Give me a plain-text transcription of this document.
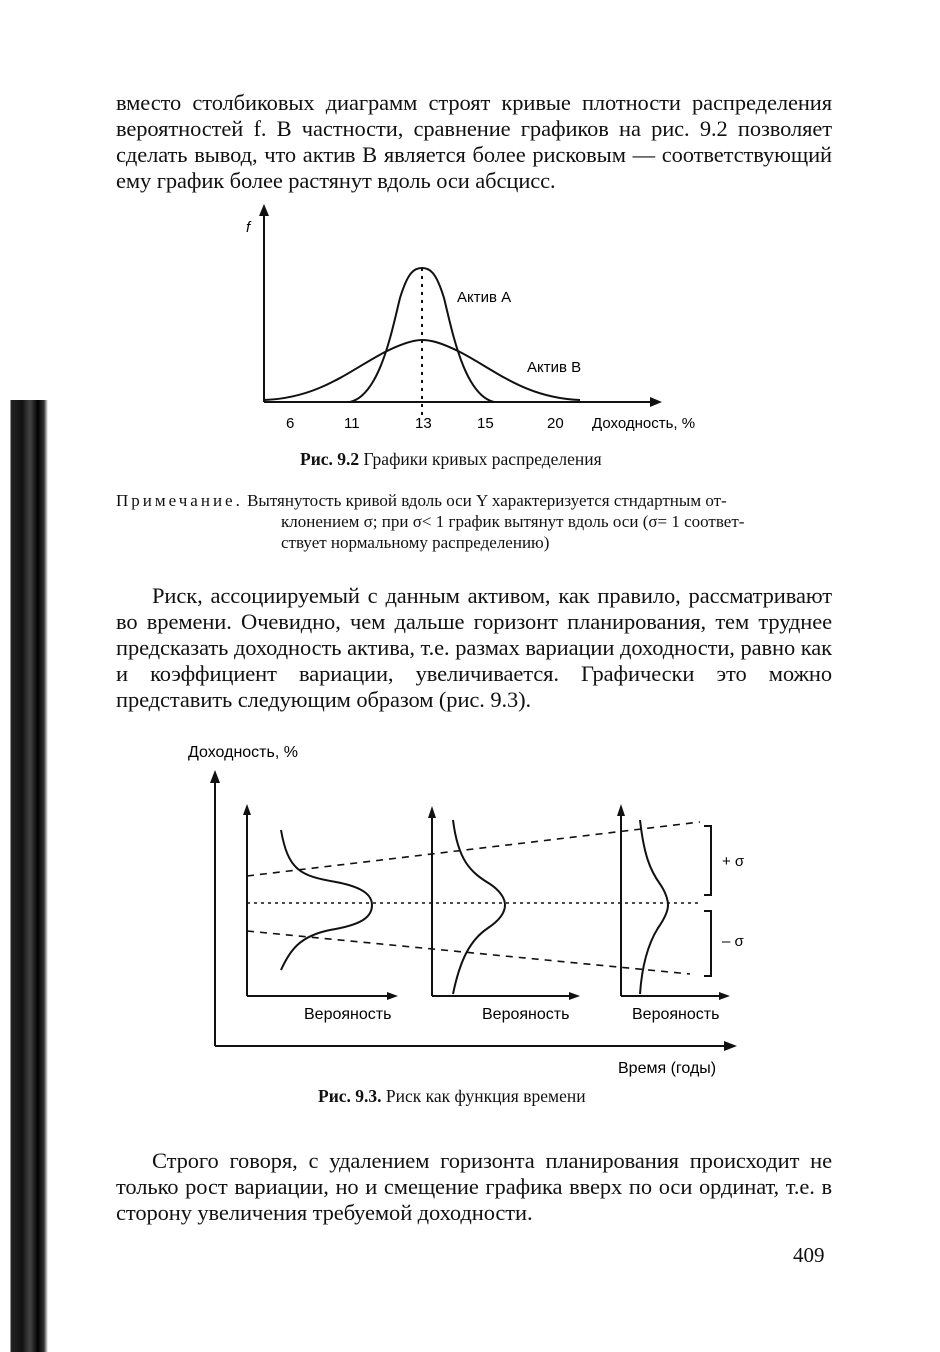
вместо столбиковых диаграмм строят кривые плотности распределения вероятностей f. В частности, сравнение графиков на рис. 9.2 позволяет сделать вывод, что актив B является более рисковым — соответствующий ему график более растянут вдоль оси абсцисс.

f
Актив A
Актив B
6	11	13	15	20 Доходность, %

Рис. 9.2 Графики кривых распределения

Примечание. Вытянутость кривой вдоль оси Y характеризуется стндартным от-
клонением σ; при σ< 1 график вытянут вдоль оси (σ= 1 соответ-
ствует нормальному распределению)

Риск, ассоциируемый с данным активом, как правило, рассматривают во времени. Очевидно, чем дальше горизонт планирования, тем труднее предсказать доходность актива, т.е. размах вариации доходности, равно как и коэффициент вариации, увеличивается. Графически это можно представить следующим образом (рис. 9.3).

Доходность, %
+ σ
– σ
Верояность	Верояность	Верояность
Время (годы)

Рис. 9.3. Риск как функция времени

Строго говоря, с удалением горизонта планирования происходит не только рост вариации, но и смещение графика вверх по оси ординат, т.е. в сторону увеличения требуемой доходности.

409
